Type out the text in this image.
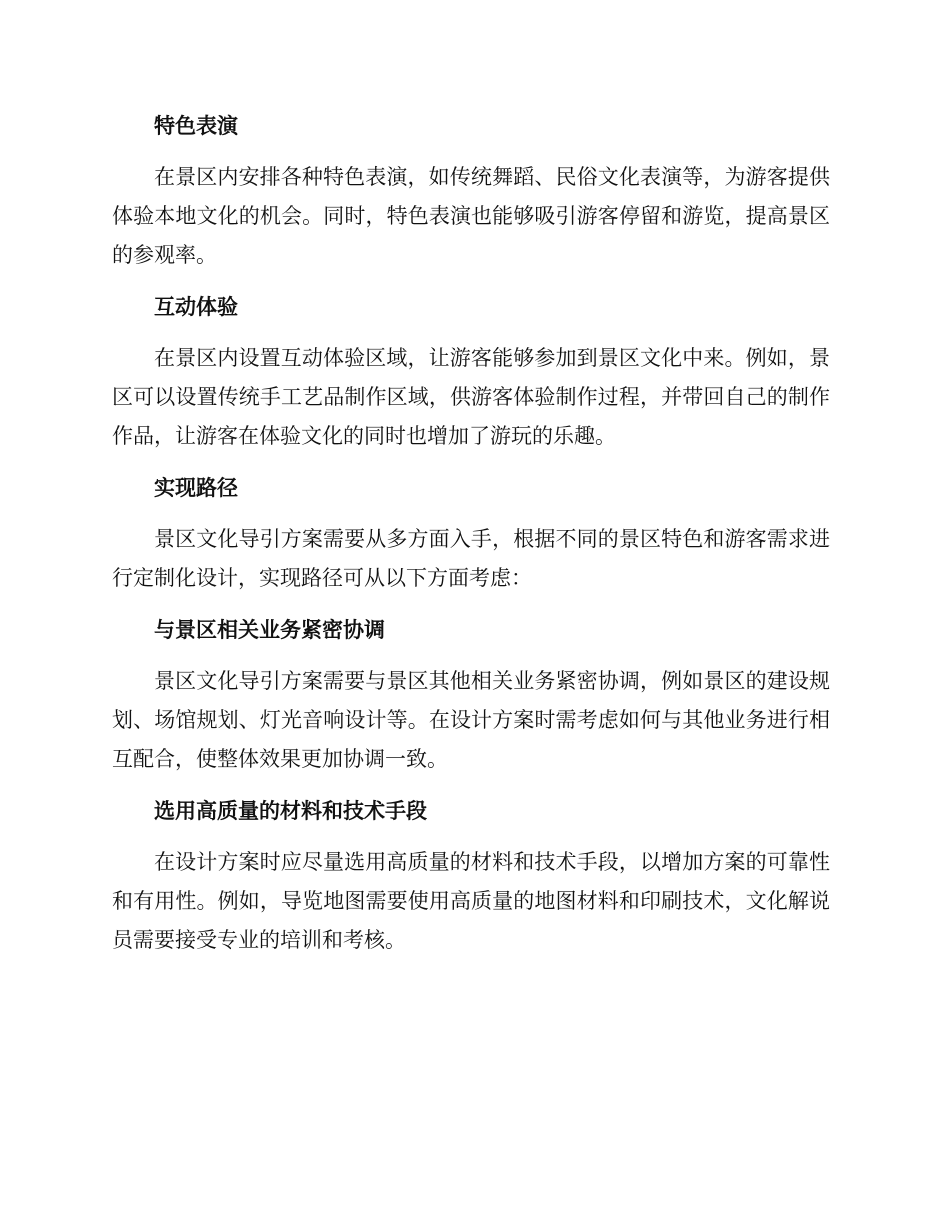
特色表演

在景区内安排各种特色表演，如传统舞蹈、民俗文化表演等，为游客提供体验本地文化的机会。同时，特色表演也能够吸引游客停留和游览，提高景区的参观率。

互动体验

在景区内设置互动体验区域，让游客能够参加到景区文化中来。例如，景区可以设置传统手工艺品制作区域，供游客体验制作过程，并带回自己的制作作品，让游客在体验文化的同时也增加了游玩的乐趣。

实现路径

景区文化导引方案需要从多方面入手，根据不同的景区特色和游客需求进行定制化设计，实现路径可从以下方面考虑：

与景区相关业务紧密协调

景区文化导引方案需要与景区其他相关业务紧密协调，例如景区的建设规划、场馆规划、灯光音响设计等。在设计方案时需考虑如何与其他业务进行相互配合，使整体效果更加协调一致。

选用高质量的材料和技术手段

在设计方案时应尽量选用高质量的材料和技术手段，以增加方案的可靠性和有用性。例如，导览地图需要使用高质量的地图材料和印刷技术，文化解说员需要接受专业的培训和考核。
